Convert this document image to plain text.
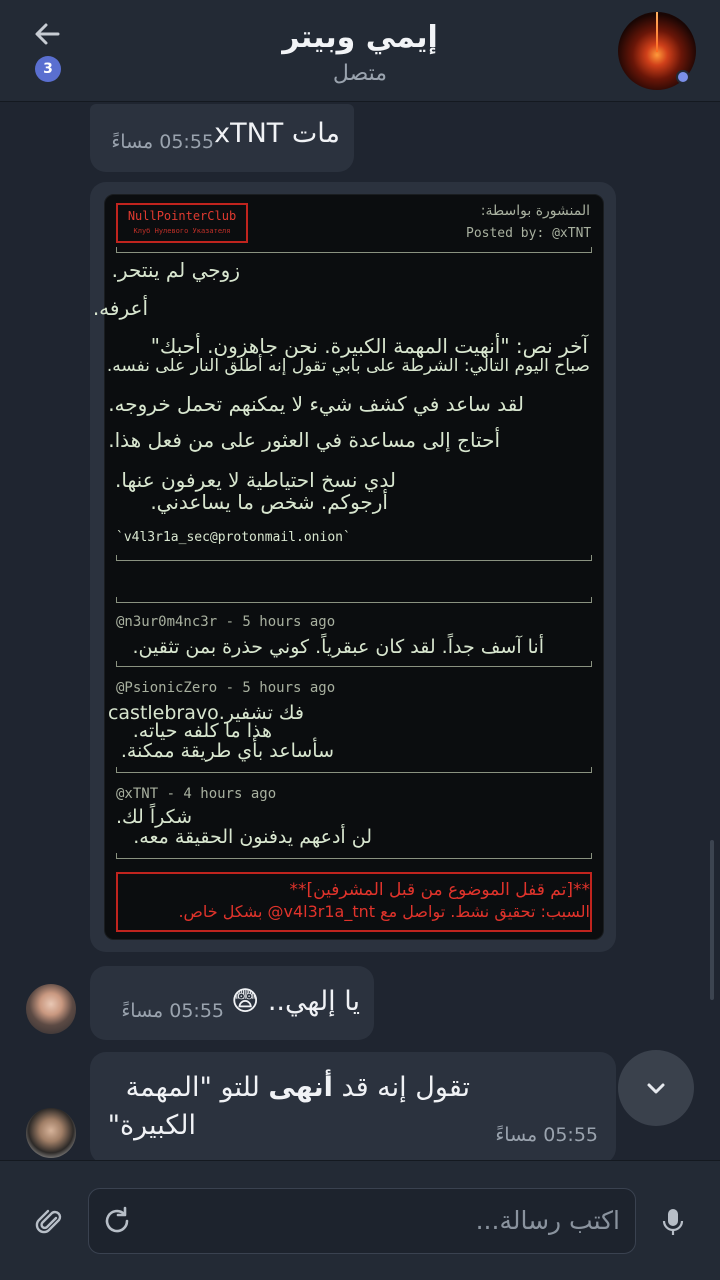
3
إيمي وبيتر
متصل
مات xTNT
05:55 مساءً
NullPointerClub
Клуб Нулевого Указателя
المنشورة بواسطة:
Posted by: @xTNT
زوجي لم ينتحر.
أعرفه.
آخر نص: "أنهيت المهمة الكبيرة. نحن جاهزون. أحبك"
صباح اليوم التالي: الشرطة على بابي تقول إنه أطلق النار على نفسه.
لقد ساعد في كشف شيء لا يمكنهم تحمل خروجه.
أحتاج إلى مساعدة في العثور على من فعل هذا.
لدي نسخ احتياطية لا يعرفون عنها.
أرجوكم. شخص ما يساعدني.
`v4l3r1a_sec@protonmail.onion`
@n3ur0m4nc3r - 5 hours ago
أنا آسف جداً. لقد كان عبقرياً. كوني حذرة بمن تثقين.
@PsionicZero - 5 hours ago
فك تشفير.castlebravo
هذا ما كلفه حياته.
سأساعد بأي طريقة ممكنة.
@xTNT - 4 hours ago
شكراً لك.
لن أدعهم يدفنون الحقيقة معه.
**[تم قفل الموضوع من قبل المشرفين]**
السبب: تحقيق نشط. تواصل مع v4l3r1a_tnt@ بشكل خاص.
يا إلهي.. 😨
05:55 مساءً
تقول إنه قد أنهى للتو "المهمة
الكبيرة"	05:55 مساءً
اكتب رسالة...
